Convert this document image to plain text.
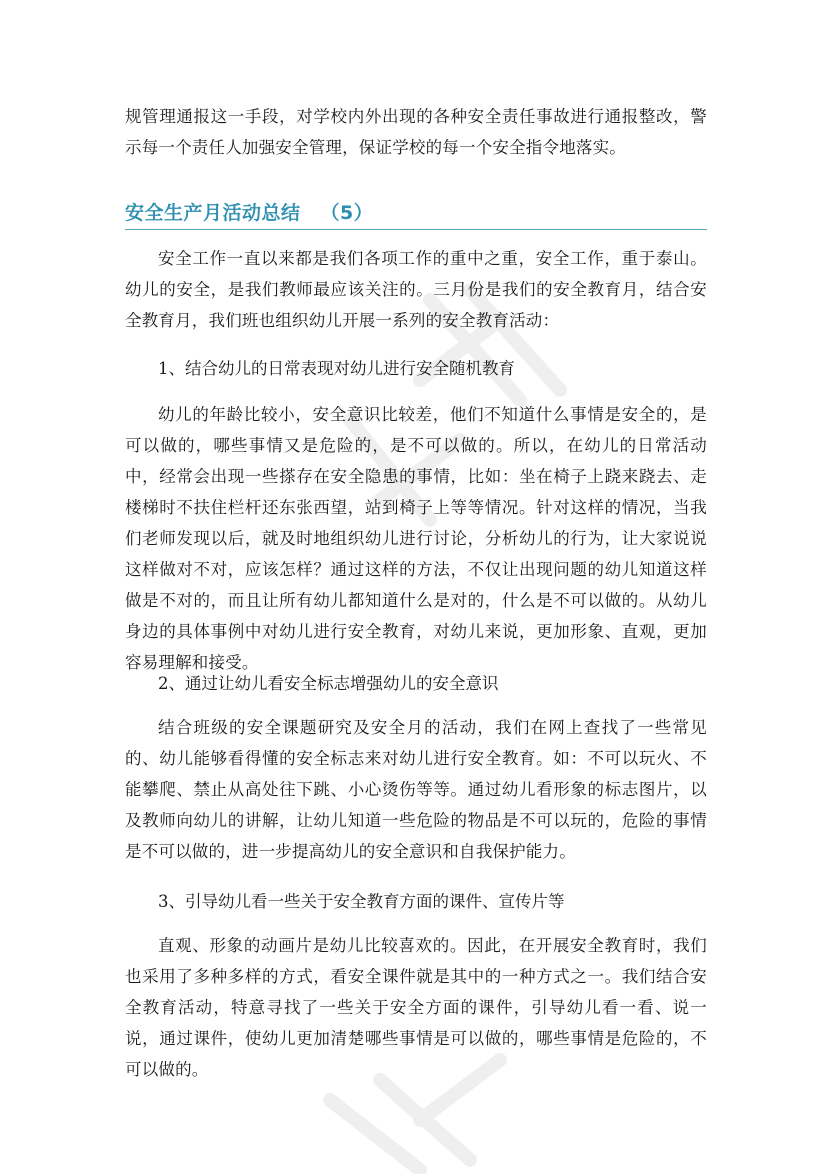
规管理通报这一手段，对学校内外出现的各种安全责任事故进行通报整改，警示每一个责任人加强安全管理，保证学校的每一个安全指令地落实。

安全生产月活动总结 （5）

安全工作一直以来都是我们各项工作的重中之重，安全工作，重于泰山。幼儿的安全，是我们教师最应该关注的。三月份是我们的安全教育月，结合安全教育月，我们班也组织幼儿开展一系列的安全教育活动：

1、结合幼儿的日常表现对幼儿进行安全随机教育

幼儿的年龄比较小，安全意识比较差，他们不知道什么事情是安全的，是可以做的，哪些事情又是危险的，是不可以做的。所以，在幼儿的日常活动中，经常会出现一些搽存在安全隐患的事情，比如：坐在椅子上跷来跷去、走楼梯时不扶住栏杆还东张西望，站到椅子上等等情况。针对这样的情况，当我们老师发现以后，就及时地组织幼儿进行讨论，分析幼儿的行为，让大家说说这样做对不对，应该怎样？通过这样的方法，不仅让出现问题的幼儿知道这样做是不对的，而且让所有幼儿都知道什么是对的，什么是不可以做的。从幼儿身边的具体事例中对幼儿进行安全教育，对幼儿来说，更加形象、直观，更加容易理解和接受。

2、通过让幼儿看安全标志增强幼儿的安全意识

结合班级的安全课题研究及安全月的活动，我们在网上查找了一些常见的、幼儿能够看得懂的安全标志来对幼儿进行安全教育。如：不可以玩火、不能攀爬、禁止从高处往下跳、小心烫伤等等。通过幼儿看形象的标志图片，以及教师向幼儿的讲解，让幼儿知道一些危险的物品是不可以玩的，危险的事情是不可以做的，进一步提高幼儿的安全意识和自我保护能力。

3、引导幼儿看一些关于安全教育方面的课件、宣传片等

直观、形象的动画片是幼儿比较喜欢的。因此，在开展安全教育时，我们也采用了多种多样的方式，看安全课件就是其中的一种方式之一。我们结合安全教育活动，特意寻找了一些关于安全方面的课件，引导幼儿看一看、说一说，通过课件，使幼儿更加清楚哪些事情是可以做的，哪些事情是危险的，不可以做的。
